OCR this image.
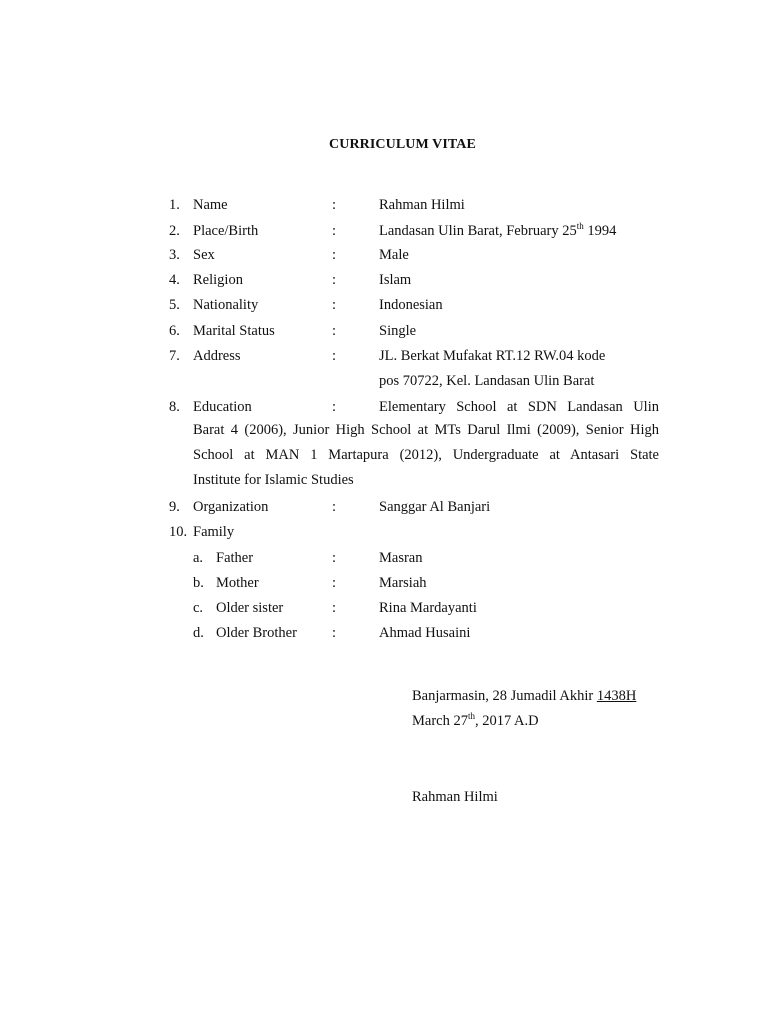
CURRICULUM VITAE
1. Name	:	Rahman Hilmi
2. Place/Birth	:	Landasan Ulin Barat, February 25th 1994
3. Sex	:	Male
4. Religion	:	Islam
5. Nationality	:	Indonesian
6. Marital Status	:	Single
7. Address	:	JL. Berkat Mufakat RT.12 RW.04 kode
pos 70722, Kel. Landasan Ulin Barat
8. Education	:	Elementary School at SDN Landasan Ulin
Barat 4 (2006), Junior High School at MTs Darul Ilmi (2009), Senior High
School at MAN 1 Martapura (2012), Undergraduate at Antasari State
Institute for Islamic Studies
9. Organization	:	Sanggar Al Banjari
10. Family
a. Father	:	Masran
b. Mother	:	Marsiah
c. Older sister	:	Rina Mardayanti
d. Older Brother :	Ahmad Husaini
Banjarmasin, 28 Jumadil Akhir 1438H
March 27th, 2017 A.D
Rahman Hilmi
